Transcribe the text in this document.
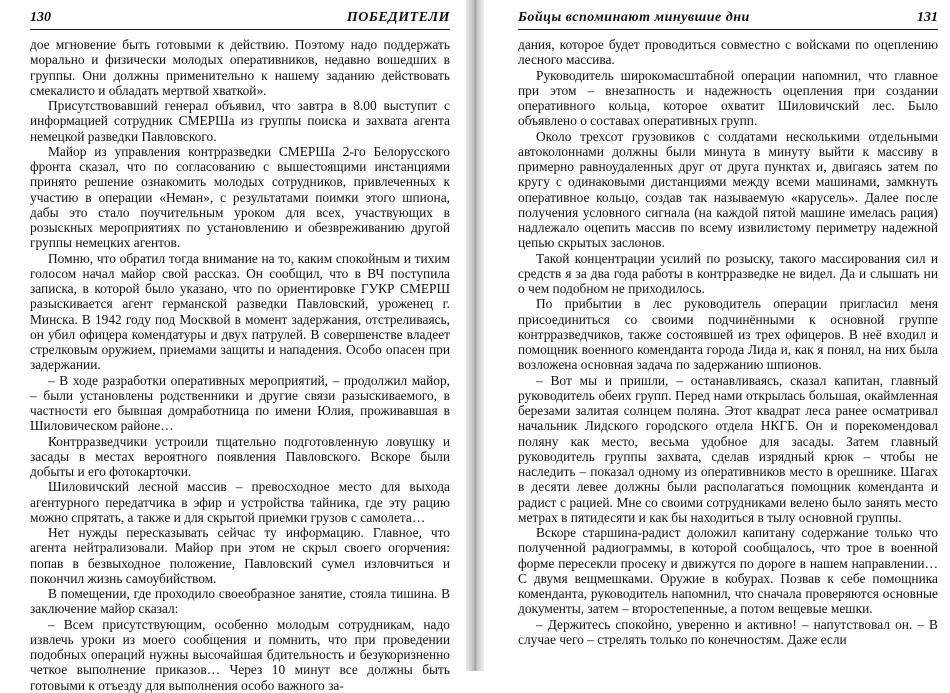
130	ПОБЕДИТЕЛИ

дое мгновение быть готовыми к действию. Поэтому надо поддержать морально и физически молодых оперативников, недавно вошедших в группы. Они должны применительно к нашему заданию действовать смекалисто и обладать мертвой хваткой».

Присутствовавший генерал объявил, что завтра в 8.00 выступит с информацией сотрудник СМЕРШа из группы поиска и захвата агента немецкой разведки Павловского.

Майор из управления контрразведки СМЕРШа 2-го Белорусского фронта сказал, что по согласованию с вышестоящими инстанциями принято решение ознакомить молодых сотрудников, привлеченных к участию в операции «Неман», с результатами поимки этого шпиона, дабы это стало поучительным уроком для всех, участвующих в розыскных мероприятиях по установлению и обезвреживанию другой группы немецких агентов.

Помню, что обратил тогда внимание на то, каким спокойным и тихим голосом начал майор свой рассказ. Он сообщил, что в ВЧ поступила записка, в которой было указано, что по ориентировке ГУКР СМЕРШ разыскивается агент германской разведки Павловский, уроженец г. Минска. В 1942 году под Москвой в момент задержания, отстреливаясь, он убил офицера комендатуры и двух патрулей. В совершенстве владеет стрелковым оружием, приемами защиты и нападения. Особо опасен при задержании.

– В ходе разработки оперативных мероприятий, – продолжил майор, – были установлены родственники и другие связи разыскиваемого, в частности его бывшая домработница по имени Юлия, проживавшая в Шиловическом районе…

Контрразведчики устроили тщательно подготовленную ловушку и засады в местах вероятного появления Павловского. Вскоре были добыты и его фотокарточки.

Шиловичский лесной массив – превосходное место для выхода агентурного передатчика в эфир и устройства тайника, где эту рацию можно спрятать, а также и для скрытой приемки грузов с самолета…

Нет нужды пересказывать сейчас ту информацию. Главное, что агента нейтрализовали. Майор при этом не скрыл своего огорчения: попав в безвыходное положение, Павловский сумел изловчиться и покончил жизнь самоубийством.

В помещении, где проходило своеобразное занятие, стояла тишина. В заключение майор сказал:

– Всем присутствующим, особенно молодым сотрудникам, надо извлечь уроки из моего сообщения и помнить, что при проведении подобных операций нужны высочайшая бдительность и безукоризненно четкое выполнение приказов… Через 10 минут все должны быть готовыми к отъезду для выполнения особо важного за-

Бойцы вспоминают минувшие дни	131

дания, которое будет проводиться совместно с войсками по оцеплению лесного массива.

Руководитель широкомасштабной операции напомнил, что главное при этом – внезапность и надежность оцепления при создании оперативного кольца, которое охватит Шиловичский лес. Было объявлено о составах оперативных групп.

Около трехсот грузовиков с солдатами несколькими отдельными автоколоннами должны были минута в минуту выйти к массиву в примерно равноудаленных друг от друга пунктах и, двигаясь затем по кругу с одинаковыми дистанциями между всеми машинами, замкнуть оперативное кольцо, создав так называемую «карусель». Далее после получения условного сигнала (на каждой пятой машине имелась рация) надлежало оцепить массив по всему извилистому периметру надежной цепью скрытых заслонов.

Такой концентрации усилий по розыску, такого массирования сил и средств я за два года работы в контрразведке не видел. Да и слышать ни о чем подобном не приходилось.

По прибытии в лес руководитель операции пригласил меня присоединиться со своими подчинёнными к основной группе контрразведчиков, также состоявшей из трех офицеров. В неё входил и помощник военного коменданта города Лида и, как я понял, на них была возложена основная задача по задержанию шпионов.

– Вот мы и пришли, – останавливаясь, сказал капитан, главный руководитель обеих групп. Перед нами открылась большая, окаймленная березами залитая солнцем поляна. Этот квадрат леса ранее осматривал начальник Лидского городского отдела НКГБ. Он и порекомендовал поляну как место, весьма удобное для засады. Затем главный руководитель группы захвата, сделав изрядный крюк – чтобы не наследить – показал одному из оперативников место в орешнике. Шагах в десяти левее должны были располагаться помощник коменданта и радист с рацией. Мне со своими сотрудниками велено было занять место метрах в пятидесяти и как бы находиться в тылу основной группы.

Вскоре старшина-радист доложил капитану содержание только что полученной радиограммы, в которой сообщалось, что трое в военной форме пересекли просеку и движутся по дороге в нашем направлении… С двумя вещмешками. Оружие в кобурах. Позвав к себе помощника коменданта, руководитель напомнил, что сначала проверяются основные документы, затем – второстепенные, а потом вещевые мешки.

– Держитесь спокойно, уверенно и активно! – напутствовал он. – В случае чего – стрелять только по конечностям. Даже если
